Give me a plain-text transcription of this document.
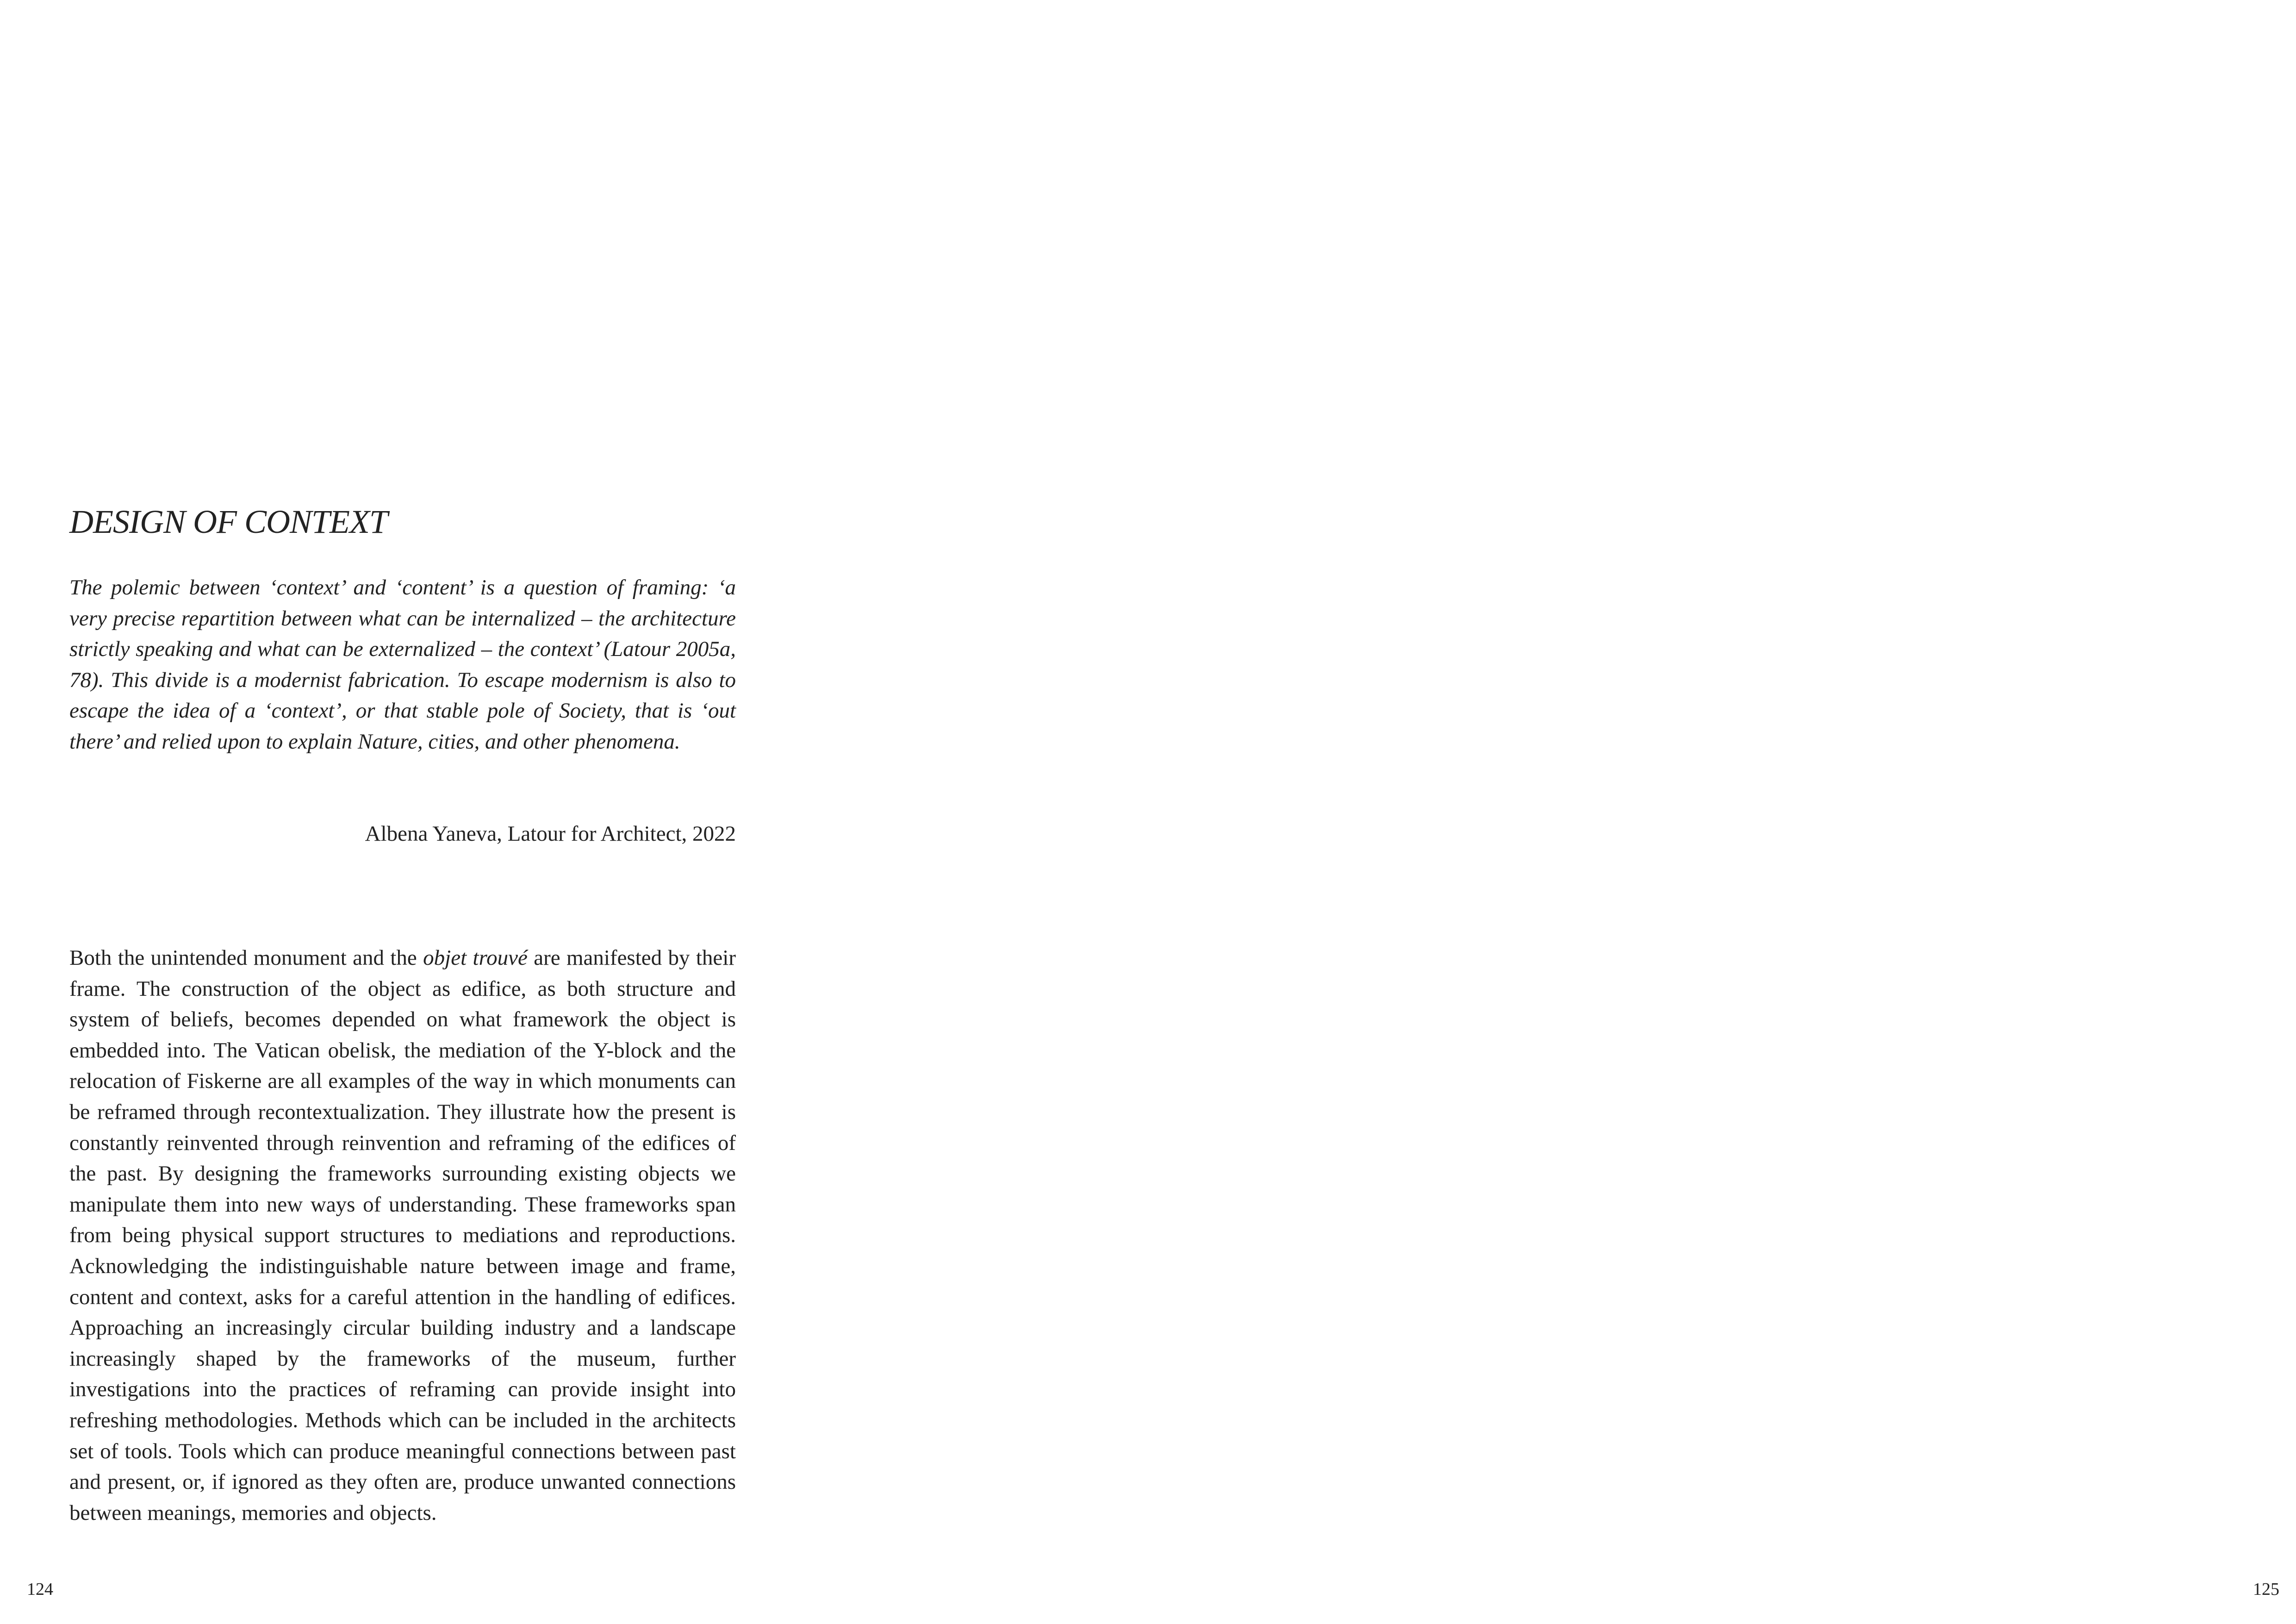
DESIGN OF CONTEXT

The polemic between ‘context’ and ‘content’ is a question of framing: ‘a very precise repartition between what can be internalized – the architecture strictly speaking and what can be externalized – the context’ (Latour 2005a, 78). This divide is a modernist fabrication. To escape modernism is also to escape the idea of a ‘context’, or that stable pole of Society, that is ‘out there’ and relied upon to explain Nature, cities, and other phenomena.

Albena Yaneva, Latour for Architect, 2022

Both the unintended monument and the objet trouvé are manifested by their frame. The construction of the object as edifice, as both structure and system of beliefs, becomes depended on what framework the object is embedded into. The Vatican obelisk, the mediation of the Y-block and the relocation of Fiskerne are all examples of the way in which monuments can be reframed through recontextualization. They illustrate how the present is constantly reinvented through reinvention and reframing of the edifices of the past. By designing the frameworks surrounding existing objects we manipulate them into new ways of understanding. These frameworks span from being physical support structures to mediations and reproductions. Acknowledging the indistinguishable nature between image and frame, content and context, asks for a careful attention in the handling of edifices. Approaching an increasingly circular building industry and a landscape increasingly shaped by the frameworks of the museum, further investigations into the practices of reframing can provide insight into refreshing methodologies. Methods which can be included in the architects set of tools. Tools which can produce meaningful connections between past and present, or, if ignored as they often are, produce unwanted connections between meanings, memories and objects.

124	125
